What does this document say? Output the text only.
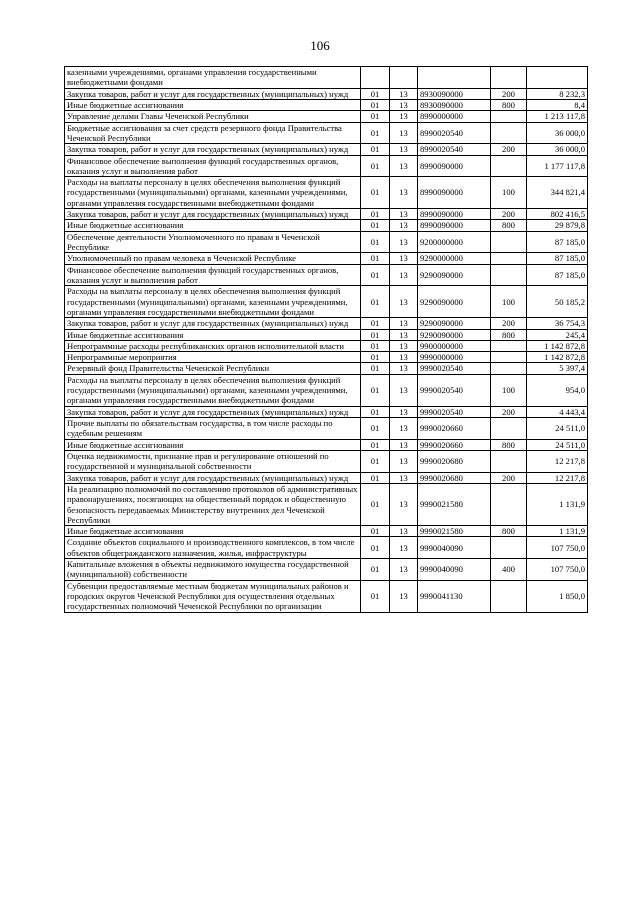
106
казенными учреждениями, органами управления государственными внебюджетными фондами					
Закупка товаров, работ и услуг для государственных (муниципальных) нужд	01	13	8930090000	200	8 232,3
Иные бюджетные ассигнования	01	13	8930090000	800	8,4
Управление делами Главы Чеченской Республики	01	13	8990000000		1 213 117,8
Бюджетные ассигнования за счет средств резервного фонда Правительства Чеченской Республики	01	13	8990020540		36 000,0
Закупка товаров, работ и услуг для государственных (муниципальных) нужд	01	13	8990020540	200	36 000,0
Финансовое обеспечение выполнения функций государственных органов, оказания услуг и выполнения работ	01	13	8990090000		1 177 117,8
Расходы на выплаты персоналу в целях обеспечения выполнения функций государственными (муниципальными) органами, казенными учреждениями, органами управления государственными внебюджетными фондами	01	13	8990090000	100	344 821,4
Закупка товаров, работ и услуг для государственных (муниципальных) нужд	01	13	8990090000	200	802 416,5
Иные бюджетные ассигнования	01	13	8990090000	800	29 879,8
Обеспечение деятельности Уполномоченного по правам в Чеченской Республике	01	13	9200000000		87 185,0
Уполномоченный по правам человека в Чеченской Республике	01	13	9290000000		87 185,0
Финансовое обеспечение выполнения функций государственных органов, оказания услуг и выполнения работ	01	13	9290090000		87 185,0
Расходы на выплаты персоналу в целях обеспечения выполнения функций государственными (муниципальными) органами, казенными учреждениями, органами управления государственными внебюджетными фондами	01	13	9290090000	100	50 185,2
Закупка товаров, работ и услуг для государственных (муниципальных) нужд	01	13	9290090000	200	36 754,3
Иные бюджетные ассигнования	01	13	9290090000	800	245,4
Непрограммные расходы республиканских органов исполнительной власти	01	13	9900000000		1 142 872,8
Непрограммные мероприятия	01	13	9990000000		1 142 872,8
Резервный фонд Правительства Чеченской Республики	01	13	9990020540		5 397,4
Расходы на выплаты персоналу в целях обеспечения выполнения функций государственными (муниципальными) органами, казенными учреждениями, органами управления государственными внебюджетными фондами	01	13	9990020540	100	954,0
Закупка товаров, работ и услуг для государственных (муниципальных) нужд	01	13	9990020540	200	4 443,4
Прочие выплаты по обязательствам государства, в том числе расходы по судебным решениям	01	13	9990020660		24 511,0
Иные бюджетные ассигнования	01	13	9990020660	800	24 511,0
Оценка недвижимости, признание прав и регулирование отношений по государственной и муниципальной собственности	01	13	9990020680		12 217,8
Закупка товаров, работ и услуг для государственных (муниципальных) нужд	01	13	9990020680	200	12 217,8
На реализацию полномочий по составлению протоколов об административных правонарушениях, посягающих на общественный порядок и общественную безопасность передаваемых Министерству внутренних дел Чеченской Республики	01	13	9990021580		1 131,9
Иные бюджетные ассигнования	01	13	9990021580	800	1 131,9
Создание объектов социального и производственного комплексов, в том числе объектов общегражданского назначения, жилья, инфраструктуры	01	13	9990040090		107 750,0
Капитальные вложения в объекты недвижимого имущества государственной (муниципальной) собственности	01	13	9990040090	400	107 750,0
Субвенции предоставляемые местным бюджетам муниципальных районов и городских округов Чеченской Республики для осуществления отдельных государственных полномочий Чеченской Республики по организации	01	13	9990041130		1 850,0
